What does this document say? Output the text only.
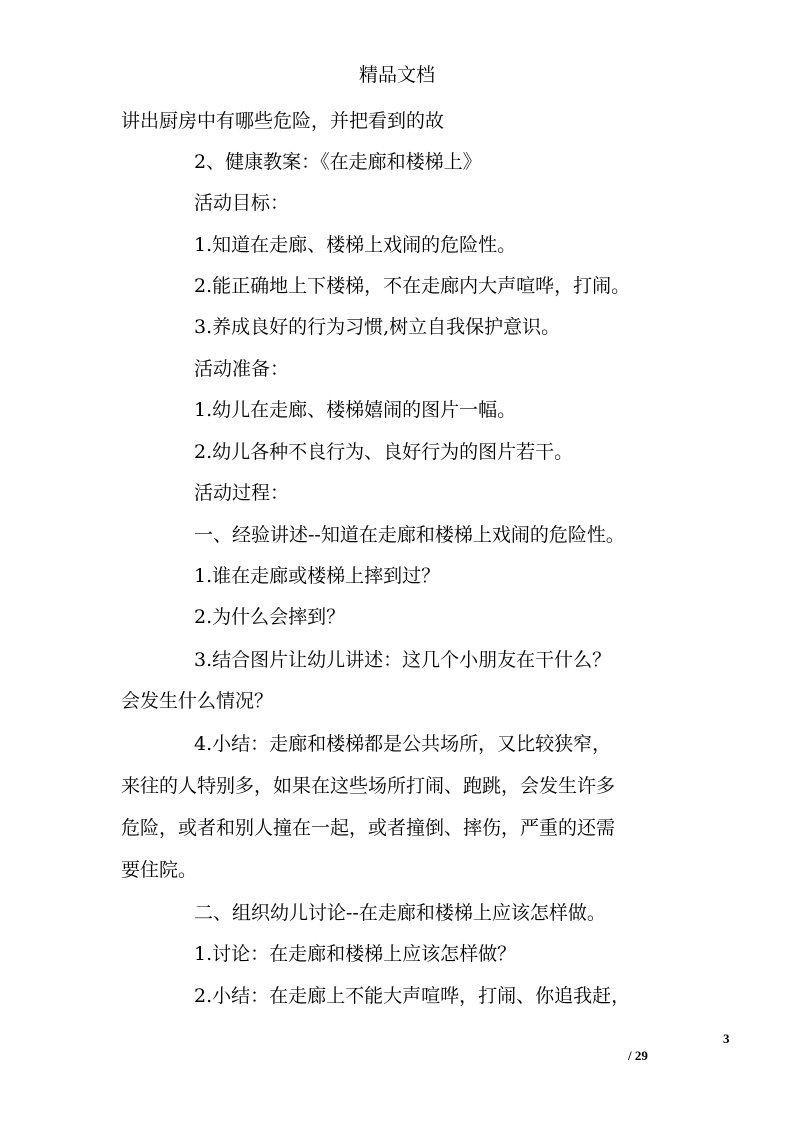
精品文档
讲出厨房中有哪些危险，并把看到的故
2、健康教案：《在走廊和楼梯上》
活动目标：
1.知道在走廊、楼梯上戏闹的危险性。
2.能正确地上下楼梯，不在走廊内大声喧哗，打闹。
3.养成良好的行为习惯,树立自我保护意识。
活动准备：
1.幼儿在走廊、楼梯嬉闹的图片一幅。
2.幼儿各种不良行为、良好行为的图片若干。
活动过程：
一、经验讲述--知道在走廊和楼梯上戏闹的危险性。
1.谁在走廊或楼梯上摔到过？
2.为什么会摔到？
3.结合图片让幼儿讲述：这几个小朋友在干什么？
会发生什么情况？
4.小结：走廊和楼梯都是公共场所，又比较狭窄，
来往的人特别多，如果在这些场所打闹、跑跳，会发生许多
危险，或者和别人撞在一起，或者撞倒、摔伤，严重的还需
要住院。
二、组织幼儿讨论--在走廊和楼梯上应该怎样做。
1.讨论：在走廊和楼梯上应该怎样做？
2.小结：在走廊上不能大声喧哗，打闹、你追我赶，
3
/ 29
